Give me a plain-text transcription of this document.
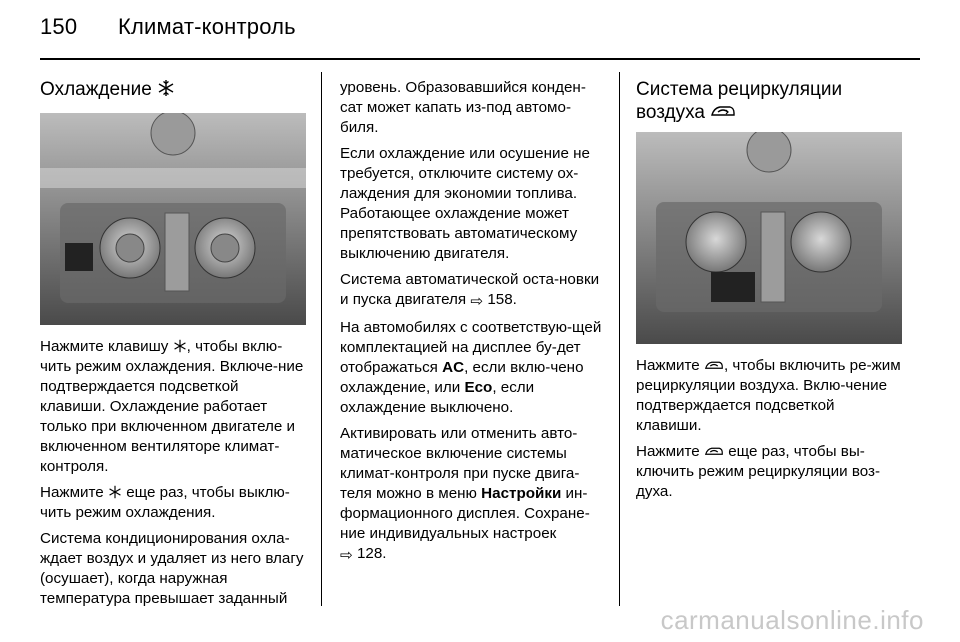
150 Климат-контроль
Охлаждение

Нажмите клавишу , чтобы вклю-чить режим охлаждения. Включе-ние подтверждается подсветкой клавиши. Охлаждение работает только при включенном двигателе и включенном вентиляторе климат-контроля.

Нажмите еще раз, чтобы выклю-чить режим охлаждения.

Система кондиционирования охла-ждает воздух и удаляет из него влагу (осушает), когда наружная температура превышает заданный

уровень. Образовавшийся конден-сат может капать из-под автомо-биля.

Если охлаждение или осушение не требуется, отключите систему ох-лаждения для экономии топлива. Работающее охлаждение может препятствовать автоматическому выключению двигателя.

Система автоматической оста-новки и пуска двигателя ⇨ 158.

На автомобилях с соответствую-щей комплектацией на дисплее бу-дет отображаться AC, если вклю-чено охлаждение, или Eco, если охлаждение выключено.

Активировать или отменить авто-матическое включение системы климат-контроля при пуске двига-теля можно в меню Настройки ин-формационного дисплея. Сохране-ние индивидуальных настроек
⇨ 128.

Система рециркуляции
воздуха

Нажмите , чтобы включить ре-жим рециркуляции воздуха. Вклю-чение подтверждается подсветкой клавиши.

Нажмите еще раз, чтобы вы-ключить режим рециркуляции воз-духа.

carmanualsonline.info
